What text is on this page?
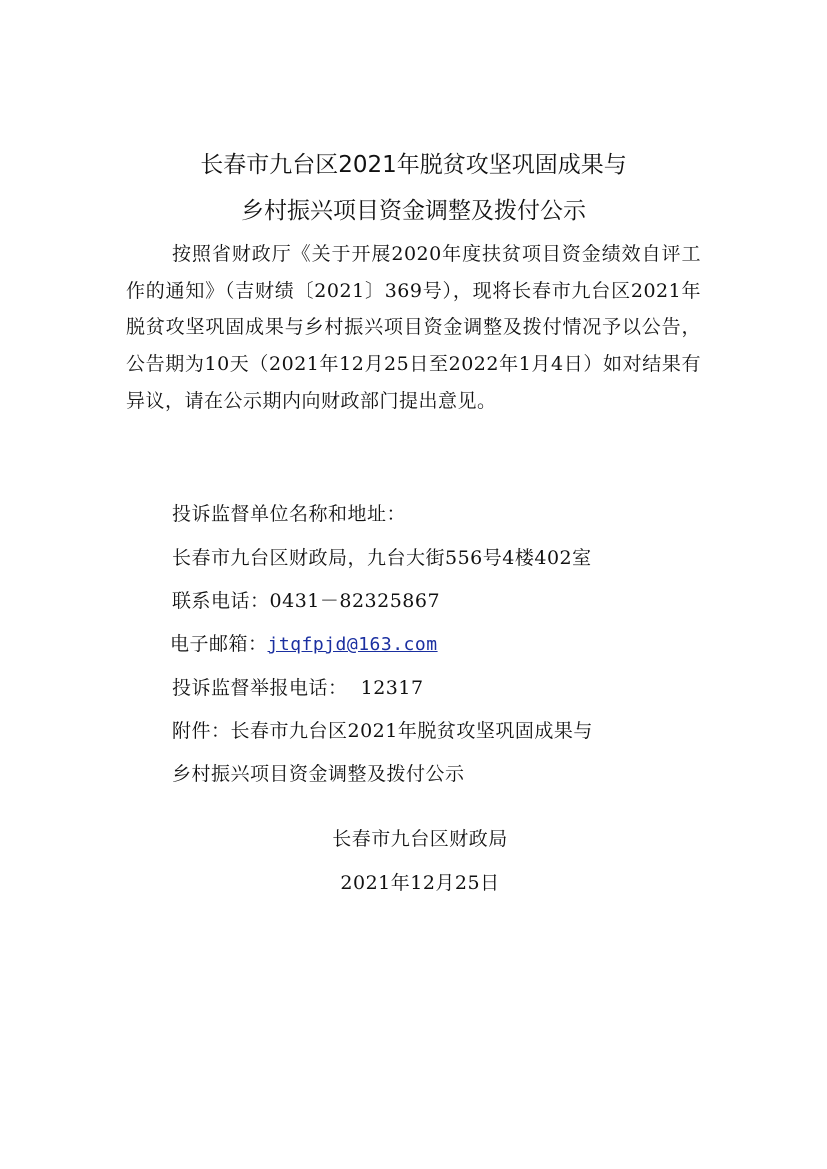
长春市九台区2021年脱贫攻坚巩固成果与
乡村振兴项目资金调整及拨付公示

按照省财政厅《关于开展2020年度扶贫项目资金绩效自评工作的通知》（吉财绩〔2021〕369号），现将长春市九台区2021年脱贫攻坚巩固成果与乡村振兴项目资金调整及拨付情况予以公告，公告期为10天（2021年12月25日至2022年1月4日）如对结果有异议，请在公示期内向财政部门提出意见。

投诉监督单位名称和地址：
长春市九台区财政局，九台大街556号4楼402室
联系电话：0431－82325867
电子邮箱：jtqfpjd@163.com
投诉监督举报电话： 12317
附件：长春市九台区2021年脱贫攻坚巩固成果与
乡村振兴项目资金调整及拨付公示
长春市九台区财政局
2021年12月25日
